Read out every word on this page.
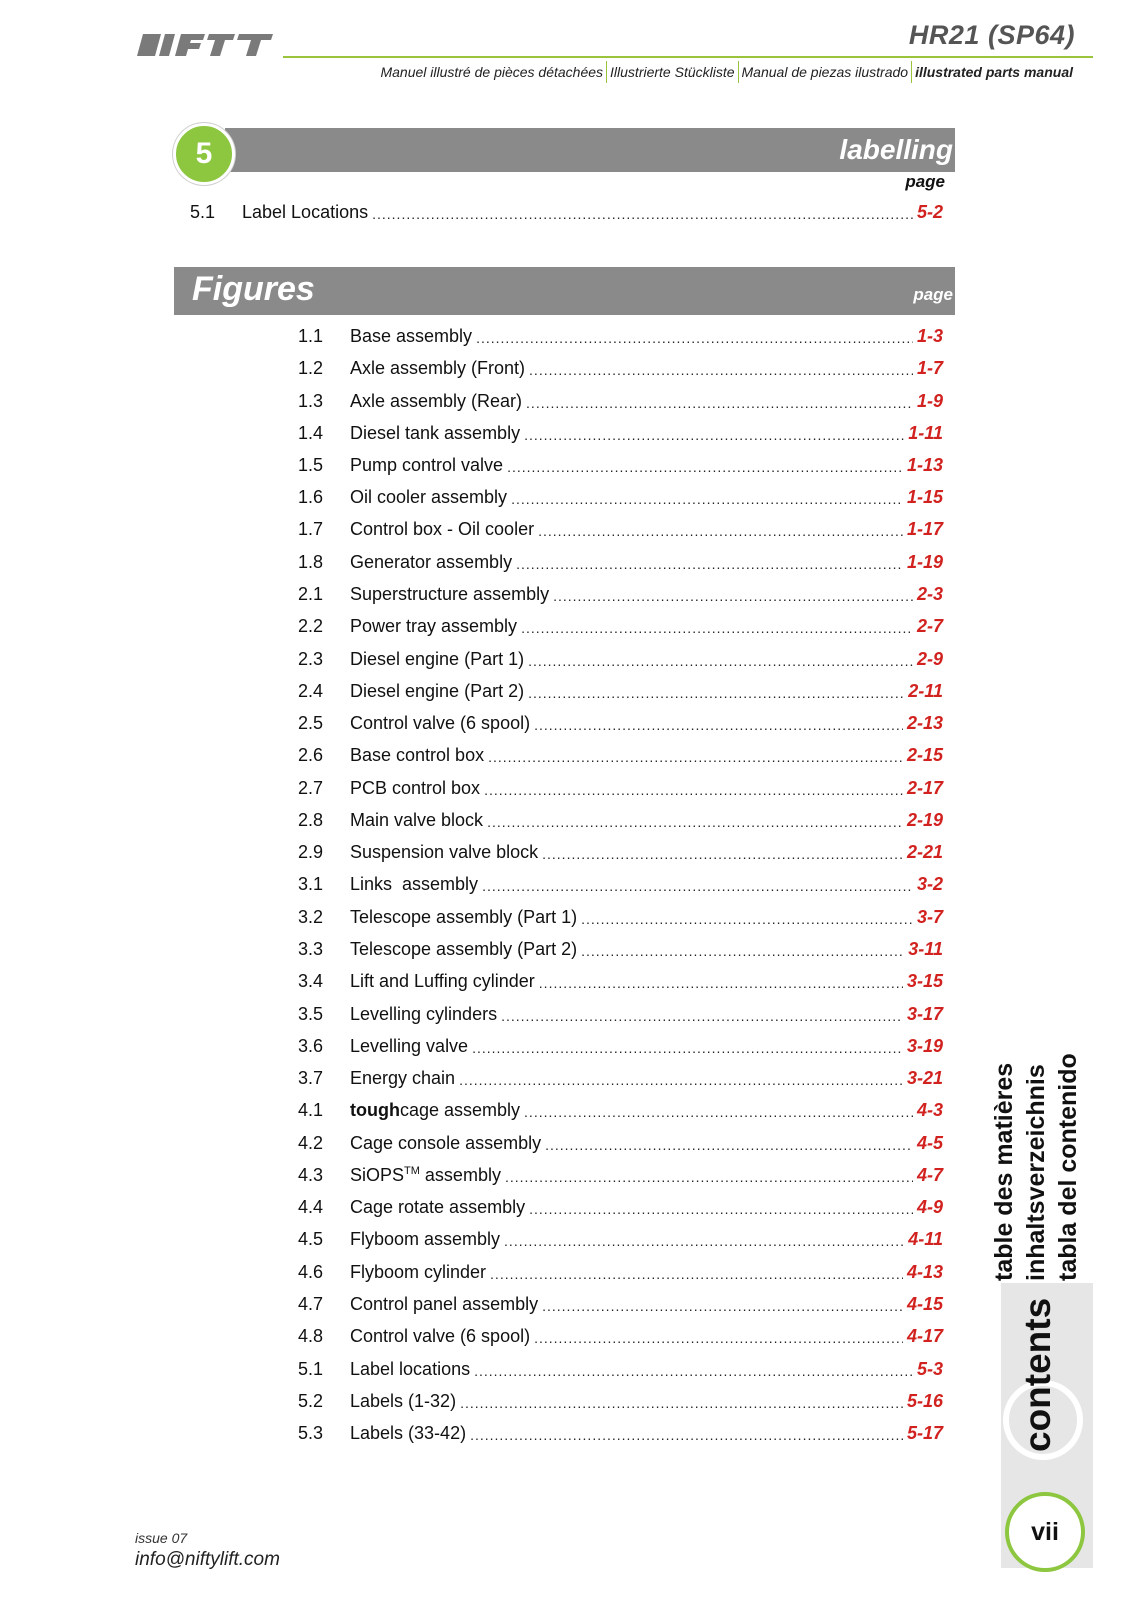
HR21 (SP64)
Manuel illustré de pièces détachées Illustrierte Stückliste Manual de piezas ilustrado illustrated parts manual
5	labelling
page
5.1	Label Locations .....	5-2
Figures	page
1.1	Base assembly .....	1-3
1.2	Axle assembly (Front) .....	1-7
1.3	Axle assembly (Rear) .....	1-9
1.4	Diesel tank assembly .....	1-11
1.5	Pump control valve .....	1-13
1.6	Oil cooler assembly .....	1-15
1.7	Control box - Oil cooler .....	1-17
1.8	Generator assembly .....	1-19
2.1	Superstructure assembly .....	2-3
2.2	Power tray assembly .....	2-7
2.3	Diesel engine (Part 1) .....	2-9
2.4	Diesel engine (Part 2) .....	2-11
2.5	Control valve (6 spool) .....	2-13
2.6	Base control box .....	2-15
2.7	PCB control box .....	2-17
2.8	Main valve block .....	2-19
2.9	Suspension valve block .....	2-21
3.1	Links  assembly .....	3-2
3.2	Telescope assembly (Part 1) .....	3-7
3.3	Telescope assembly (Part 2) .....	3-11
3.4	Lift and Luffing cylinder .....	3-15
3.5	Levelling cylinders .....	3-17
3.6	Levelling valve .....	3-19
3.7	Energy chain .....	3-21
4.1	toughcage assembly .....	4-3
4.2	Cage console assembly .....	4-5
4.3	SiOPS™ assembly .....	4-7
4.4	Cage rotate assembly .....	4-9
4.5	Flyboom assembly .....	4-11
4.6	Flyboom cylinder .....	4-13
4.7	Control panel assembly .....	4-15
4.8	Control valve (6 spool) .....	4-17
5.1	Label locations .....	5-3
5.2	Labels (1-32) .....	5-16
5.3	Labels (33-42) .....	5-17
table des matières inhaltsverzeichnis tabla del contenido
contents
vii
issue 07
info@niftylift.com
